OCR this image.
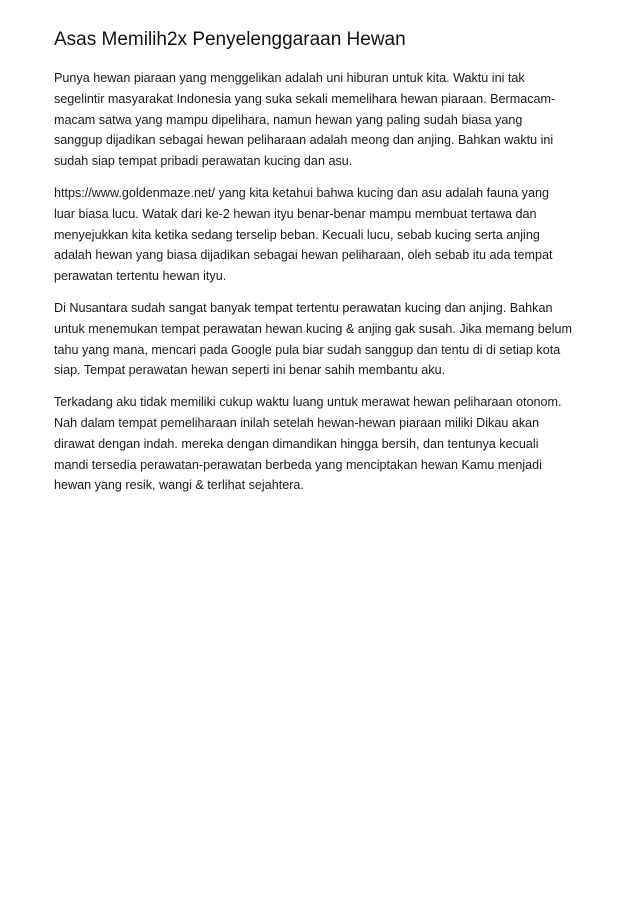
Asas Memilih2x Penyelenggaraan Hewan
Punya hewan piaraan yang menggelikan adalah uni hiburan untuk kita. Waktu ini tak
segelintir masyarakat Indonesia yang suka sekali memelihara hewan piaraan. Bermacam-
macam satwa yang mampu dipelihara, namun hewan yang paling sudah biasa yang
sanggup dijadikan sebagai hewan peliharaan adalah meong dan anjing. Bahkan waktu ini
sudah siap tempat pribadi perawatan kucing dan asu.
https://www.goldenmaze.net/ yang kita ketahui bahwa kucing dan asu adalah fauna yang
luar biasa lucu. Watak dari ke-2 hewan ityu benar-benar mampu membuat tertawa dan
menyejukkan kita ketika sedang terselip beban. Kecuali lucu, sebab kucing serta anjing
adalah hewan yang biasa dijadikan sebagai hewan peliharaan, oleh sebab itu ada tempat
perawatan tertentu hewan ityu.
Di Nusantara sudah sangat banyak tempat tertentu perawatan kucing dan anjing. Bahkan
untuk menemukan tempat perawatan hewan kucing & anjing gak susah. Jika memang belum
tahu yang mana, mencari pada Google pula biar sudah sanggup dan tentu di di setiap kota
siap. Tempat perawatan hewan seperti ini benar sahih membantu aku.
Terkadang aku tidak memiliki cukup waktu luang untuk merawat hewan peliharaan otonom.
Nah dalam tempat pemeliharaan inilah setelah hewan-hewan piaraan miliki Dikau akan
dirawat dengan indah. mereka dengan dimandikan hingga bersih, dan tentunya kecuali
mandi tersedia perawatan-perawatan berbeda yang menciptakan hewan Kamu menjadi
hewan yang resik, wangi & terlihat sejahtera.
